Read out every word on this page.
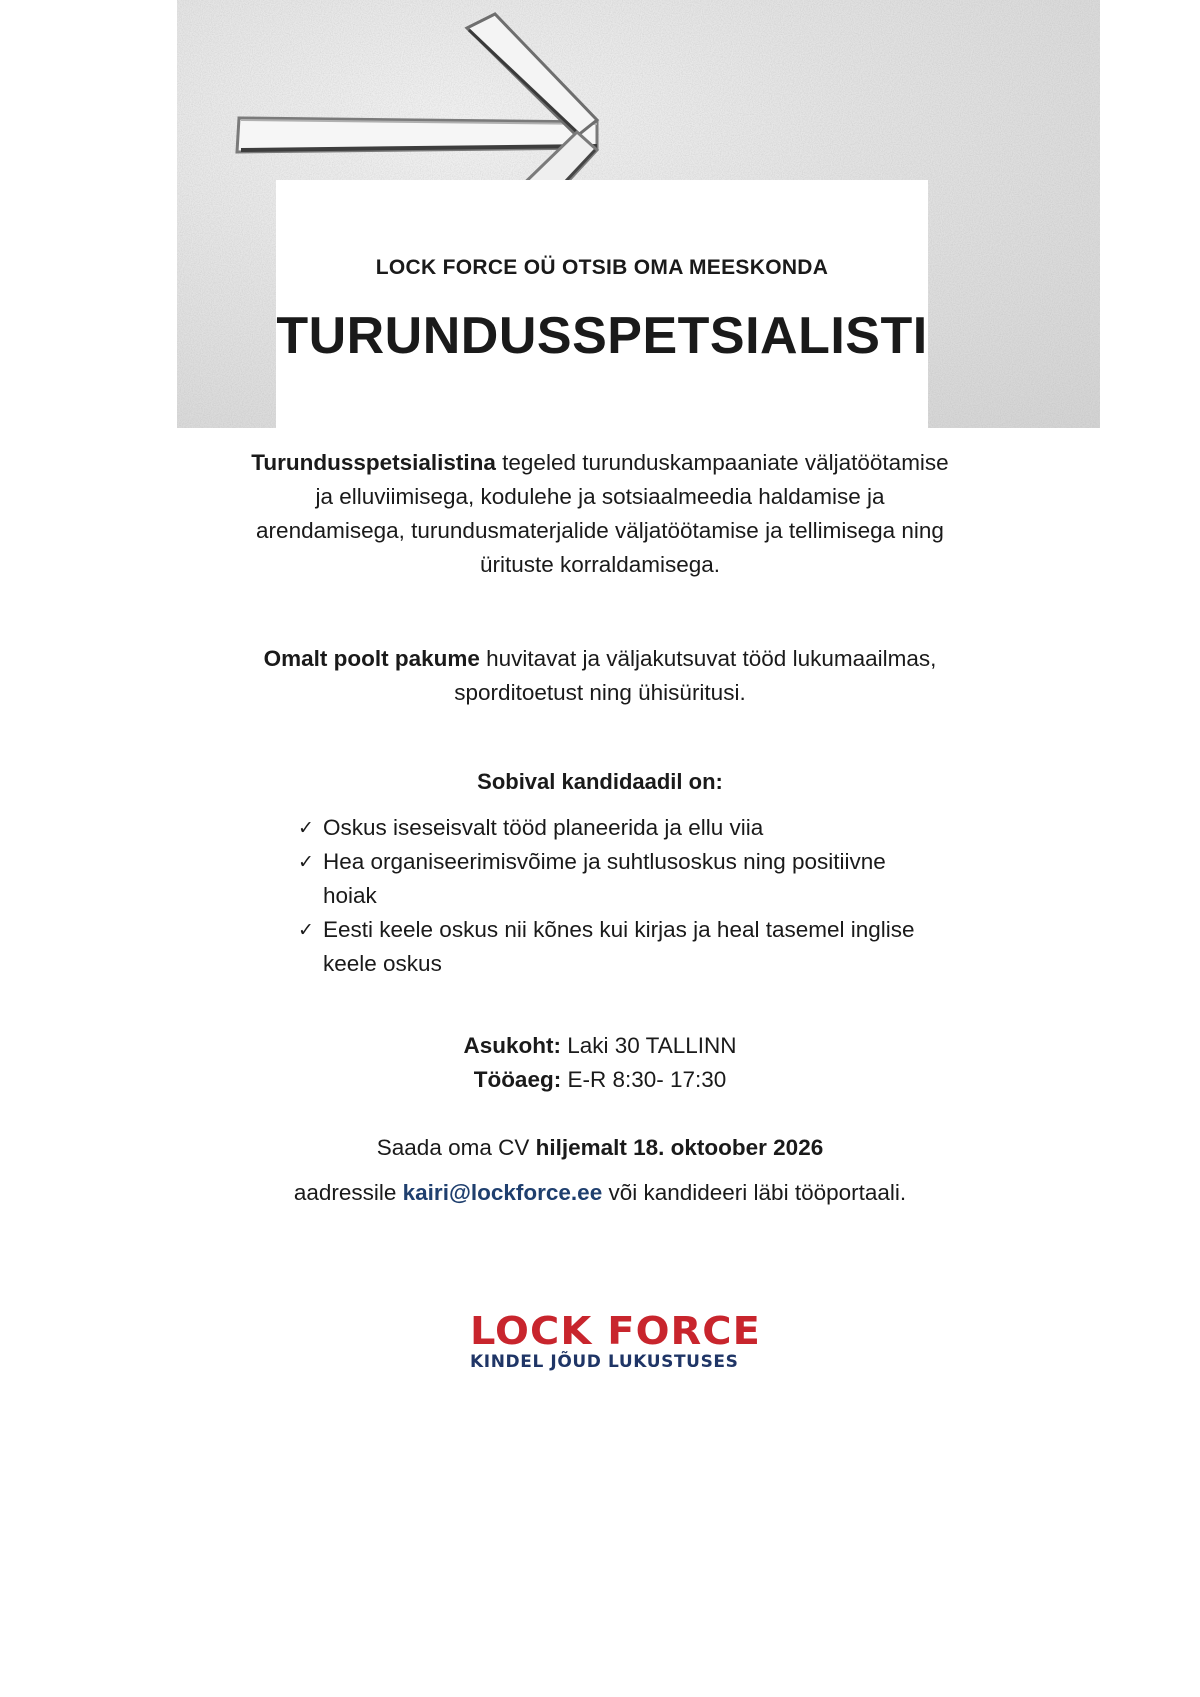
LOCK FORCE OÜ OTSIB OMA MEESKONDA
TURUNDUSSPETSIALISTI
Turundusspetsialistina tegeled turunduskampaaniate väljatöötamise ja elluviimisega, kodulehe ja sotsiaalmeedia haldamise ja arendamisega, turundusmaterjalide väljatöötamise ja tellimisega ning ürituste korraldamisega.
Omalt poolt pakume huvitavat ja väljakutsuvat tööd lukumaailmas, sporditoetust ning ühisüritusi.
Sobival kandidaadil on:
✓ Oskus iseseisvalt tööd planeerida ja ellu viia
✓ Hea organiseerimisvõime ja suhtlusoskus ning positiivne hoiak
✓ Eesti keele oskus nii kõnes kui kirjas ja heal tasemel inglise keele oskus
Asukoht: Laki 30 TALLINN
Tööaeg: E-R 8:30- 17:30
Saada oma CV hiljemalt 18. oktoober 2026
aadressile kairi@lockforce.ee või kandideeri läbi tööportaali.
LOCK FORCE
KINDEL JÕUD LUKUSTUSES
